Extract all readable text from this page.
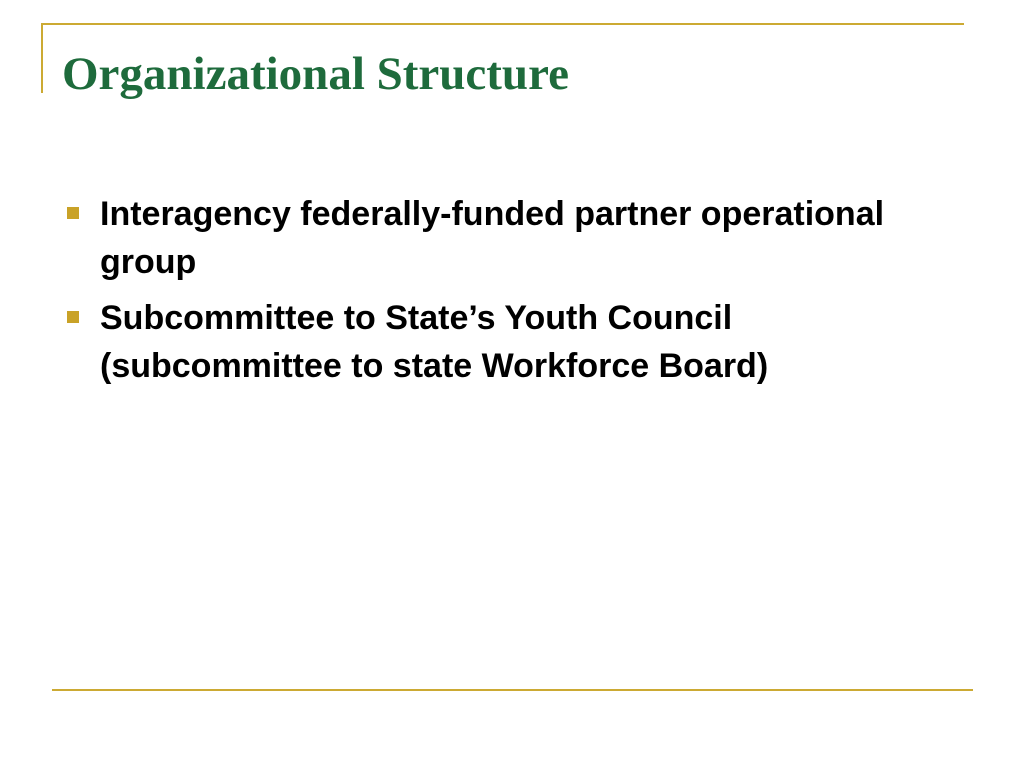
Organizational Structure
Interagency federally-funded partner operational group
Subcommittee to State’s Youth Council (subcommittee to state Workforce Board)
